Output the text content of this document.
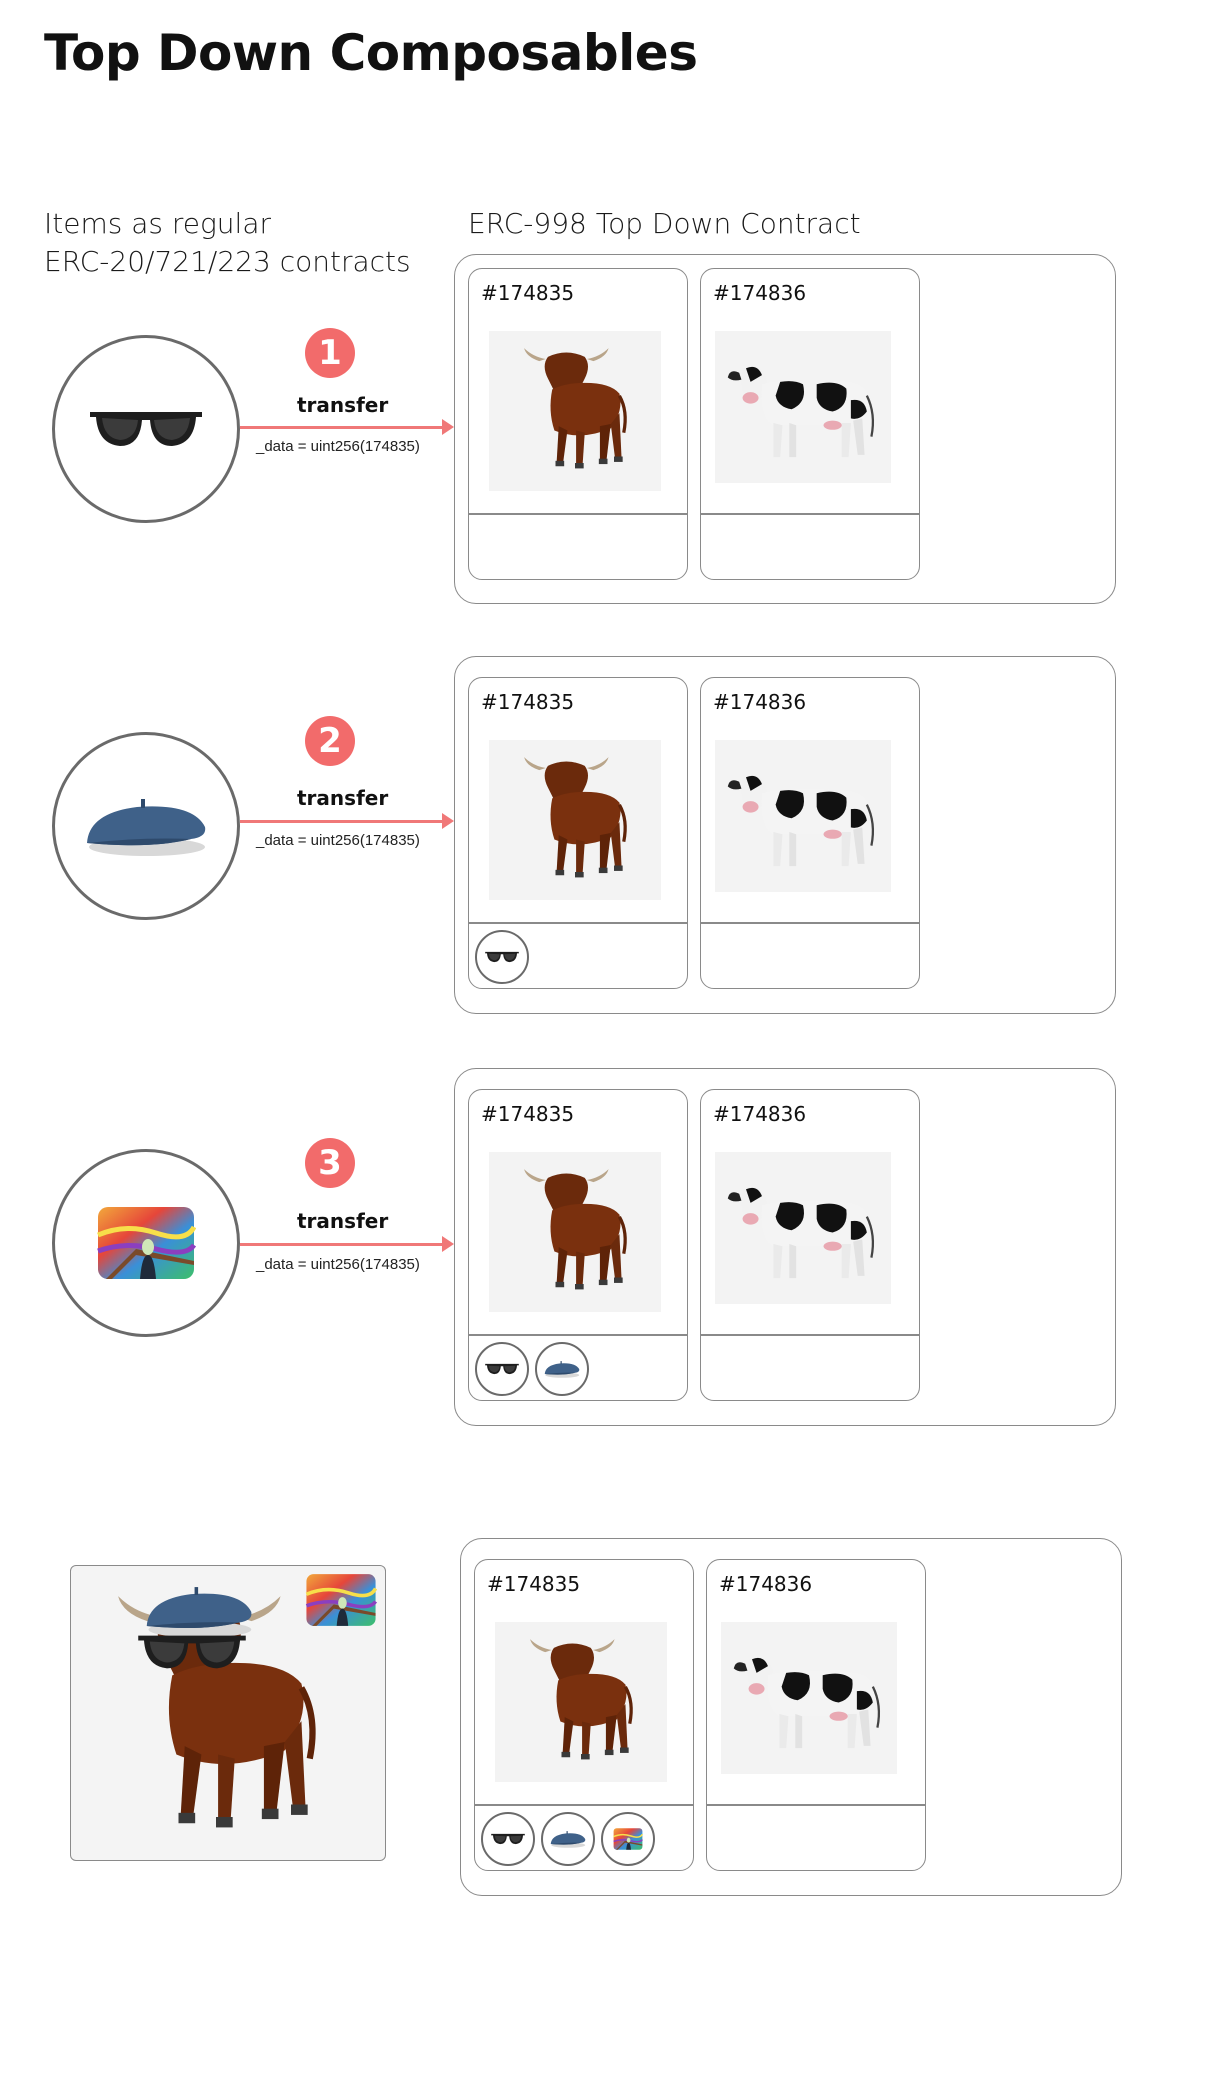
Top Down Composables
Items as regular
ERC-20/721/223 contracts
ERC-998 Top Down Contract
1
transfer
_data = uint256(174835)
#174835	#174836
2
transfer
_data = uint256(174835)
#174835	#174836
3
transfer
_data = uint256(174835)
#174835	#174836
#174835	#174836
